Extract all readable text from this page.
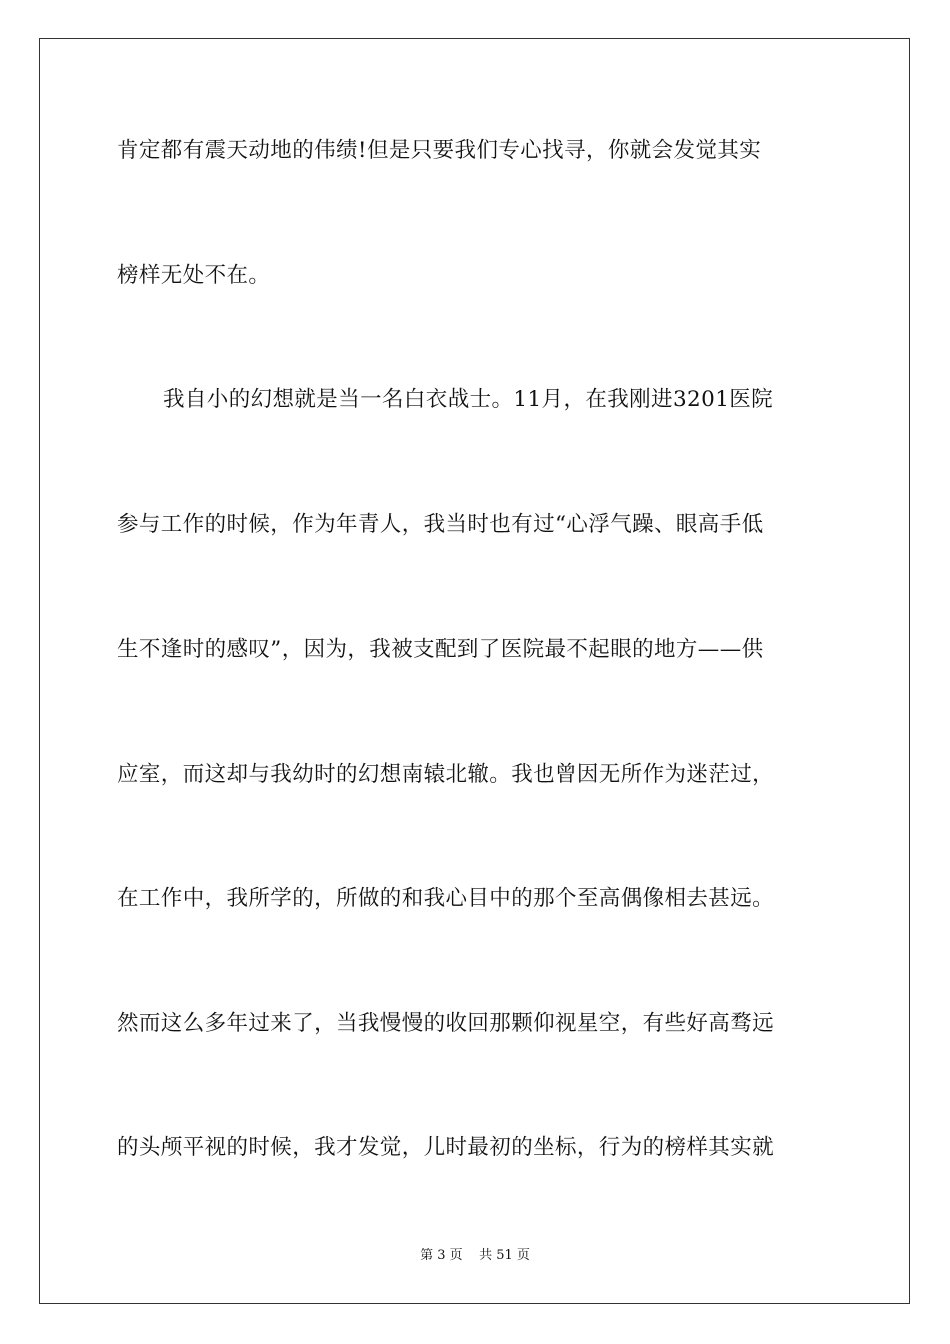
肯定都有震天动地的伟绩!但是只要我们专心找寻，你就会发觉其实
榜样无处不在。
我自小的幻想就是当一名白衣战士。11月，在我刚进3201医院
参与工作的时候，作为年青人，我当时也有过“心浮气躁、眼高手低
生不逢时的感叹”，因为，我被支配到了医院最不起眼的地方——供
应室，而这却与我幼时的幻想南辕北辙。我也曾因无所作为迷茫过，
在工作中，我所学的，所做的和我心目中的那个至高偶像相去甚远。
然而这么多年过来了，当我慢慢的收回那颗仰视星空，有些好高骛远
的头颅平视的时候，我才发觉，儿时最初的坐标，行为的榜样其实就
第 3 页    共 51 页
